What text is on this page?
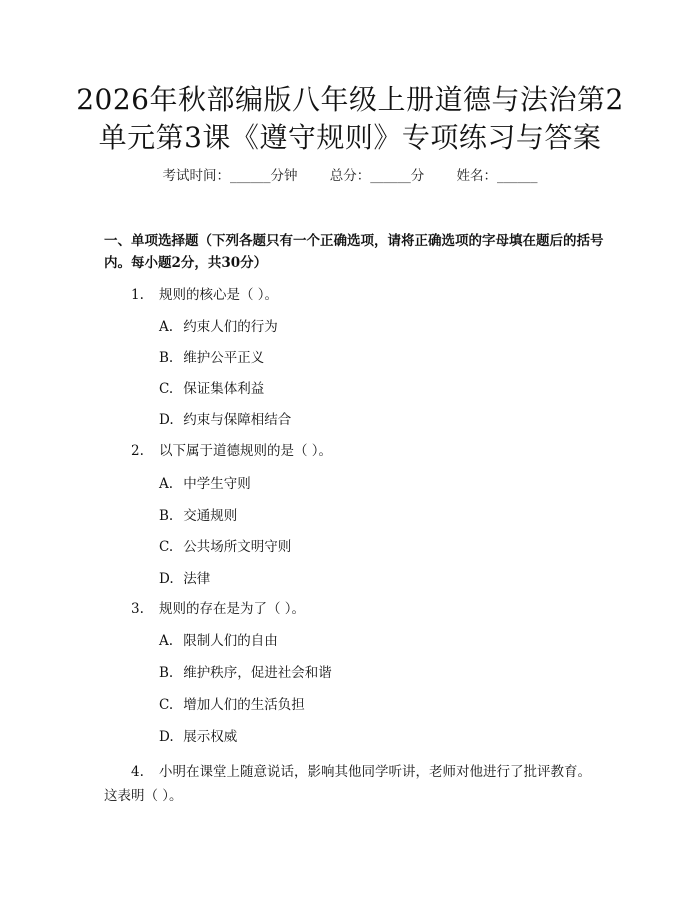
2026年秋部编版八年级上册道德与法治第2
单元第3课《遵守规则》专项练习与答案
考试时间：______分钟 总分：______分 姓名：______
一、单项选择题（下列各题只有一个正确选项，请将正确选项的字母填在题后的括号内。每小题2分，共30分）
1. 规则的核心是（ ）。
A. 约束人们的行为
B. 维护公平正义
C. 保证集体利益
D. 约束与保障相结合
2. 以下属于道德规则的是（ ）。
A. 中学生守则
B. 交通规则
C. 公共场所文明守则
D. 法律
3. 规则的存在是为了（ ）。
A. 限制人们的自由
B. 维护秩序，促进社会和谐
C. 增加人们的生活负担
D. 展示权威
4. 小明在课堂上随意说话，影响其他同学听讲，老师对他进行了批评教育。这表明（ ）。
